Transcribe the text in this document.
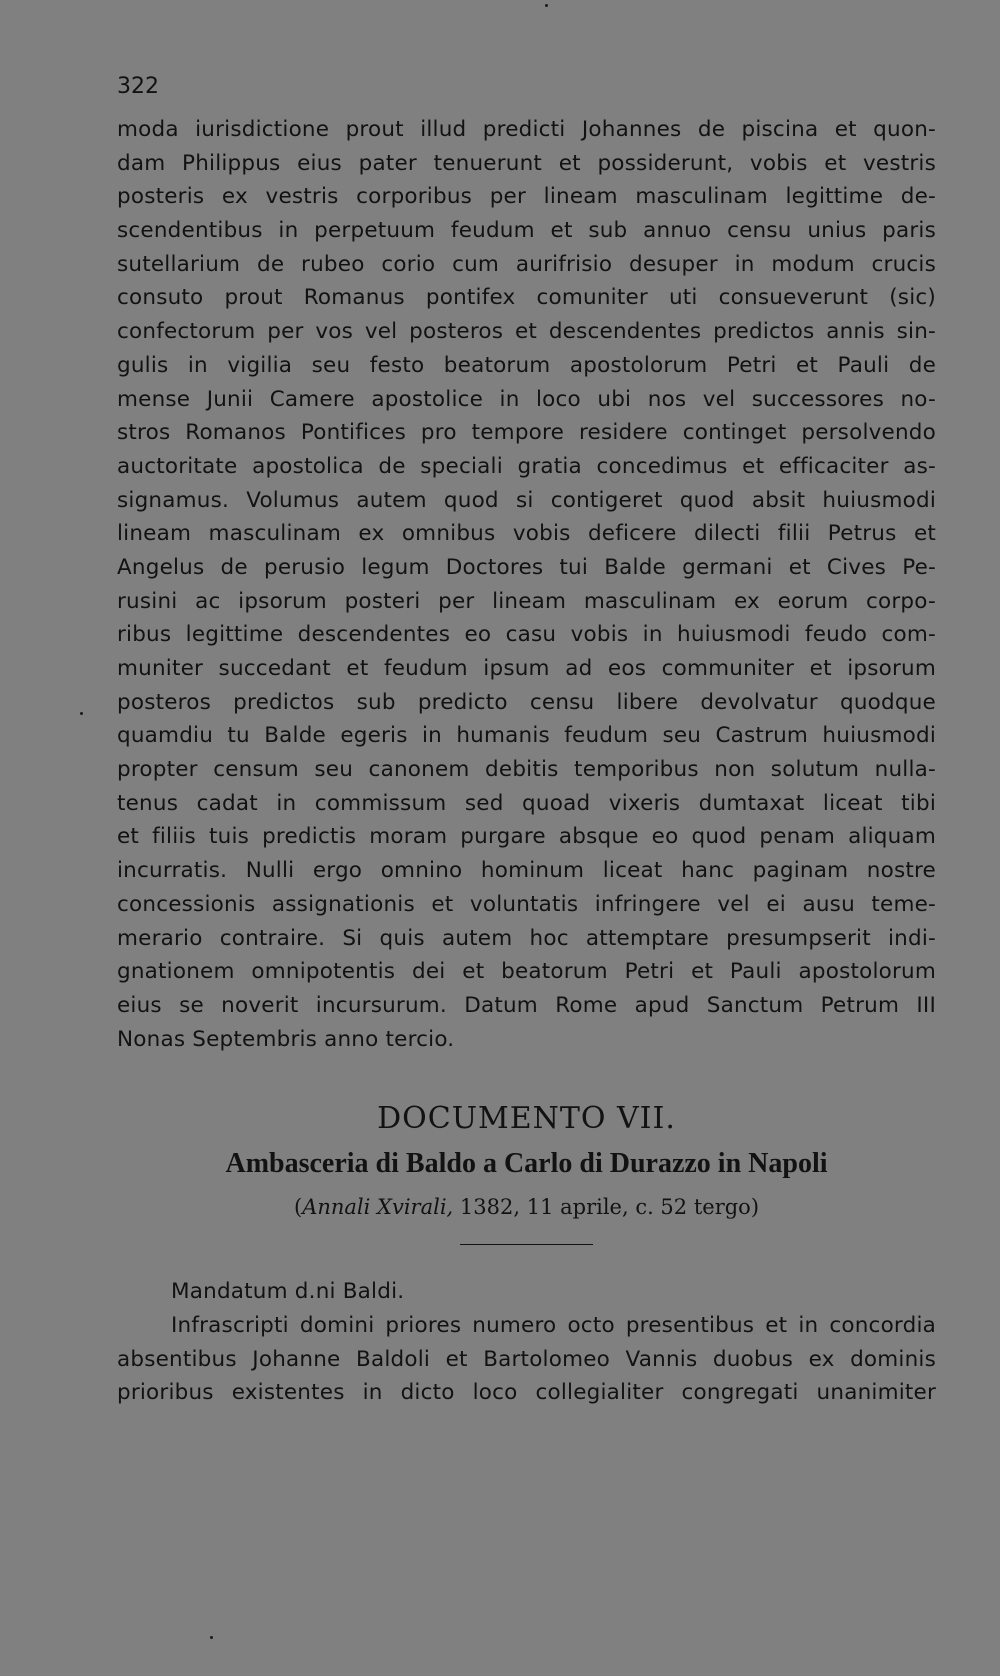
322
moda iurisdictione prout illud predicti Johannes de piscina et quon-
dam Philippus eius pater tenuerunt et possiderunt, vobis et vestris
posteris ex vestris corporibus per lineam masculinam legittime de-
scendentibus in perpetuum feudum et sub annuo censu unius paris
sutellarium de rubeo corio cum aurifrisio desuper in modum crucis
consuto prout Romanus pontifex comuniter uti consueverunt (sic)
confectorum per vos vel posteros et descendentes predictos annis sin-
gulis in vigilia seu festo beatorum apostolorum Petri et Pauli de
mense Junii Camere apostolice in loco ubi nos vel successores no-
stros Romanos Pontifices pro tempore residere continget persolvendo
auctoritate apostolica de speciali gratia concedimus et efficaciter as-
signamus. Volumus autem quod si contigeret quod absit huiusmodi
lineam masculinam ex omnibus vobis deficere dilecti filii Petrus et
Angelus de perusio legum Doctores tui Balde germani et Cives Pe-
rusini ac ipsorum posteri per lineam masculinam ex eorum corpo-
ribus legittime descendentes eo casu vobis in huiusmodi feudo com-
muniter succedant et feudum ipsum ad eos communiter et ipsorum
posteros predictos sub predicto censu libere devolvatur quodque
quamdiu tu Balde egeris in humanis feudum seu Castrum huiusmodi
propter censum seu canonem debitis temporibus non solutum nulla-
tenus cadat in commissum sed quoad vixeris dumtaxat liceat tibi
et filiis tuis predictis moram purgare absque eo quod penam aliquam
incurratis. Nulli ergo omnino hominum liceat hanc paginam nostre
concessionis assignationis et voluntatis infringere vel ei ausu teme-
merario contraire. Si quis autem hoc attemptare presumpserit indi-
gnationem omnipotentis dei et beatorum Petri et Pauli apostolorum
eius se noverit incursurum. Datum Rome apud Sanctum Petrum III
Nonas Septembris anno tercio.
DOCUMENTO VII.
Ambasceria di Baldo a Carlo di Durazzo in Napoli
(Annali Xvirali, 1382, 11 aprile, c. 52 tergo)
Mandatum d.ni Baldi.
Infrascripti domini priores numero octo presentibus et in concordia
absentibus Johanne Baldoli et Bartolomeo Vannis duobus ex dominis
prioribus existentes in dicto loco collegialiter congregati unanimiter
